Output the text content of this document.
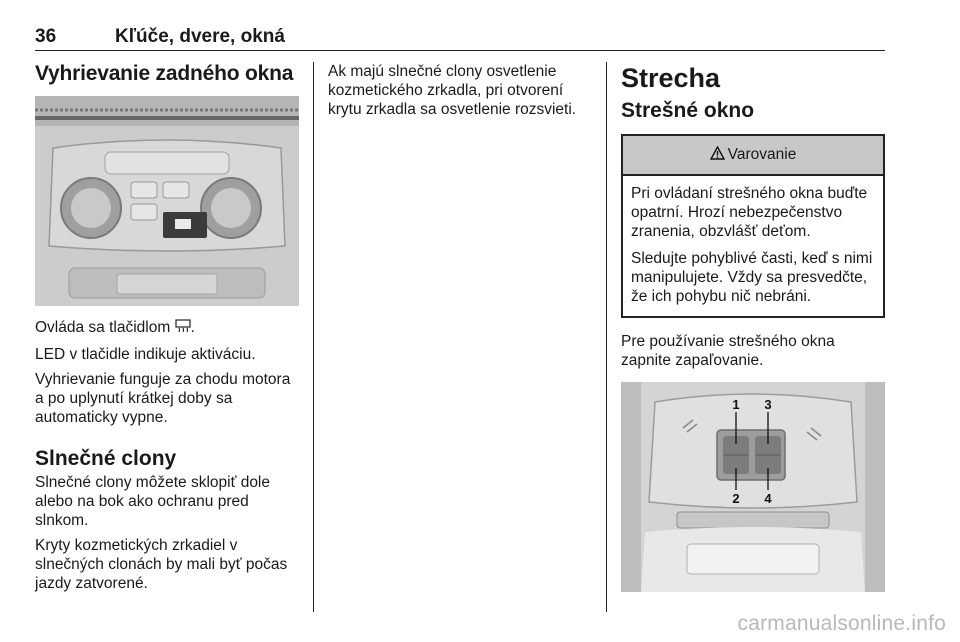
36	Kľúče, dvere, okná
Vyhrievanie zadného okna

Ovláda sa tlačidlom .

LED v tlačidle indikuje aktiváciu.

Vyhrievanie funguje za chodu motora a po uplynutí krátkej doby sa automaticky vypne.

Slnečné clony

Slnečné clony môžete sklopiť dole alebo na bok ako ochranu pred slnkom.

Kryty kozmetických zrkadiel v slnečných clonách by mali byť počas jazdy zatvorené.

Ak majú slnečné clony osvetlenie kozmetického zrkadla, pri otvorení krytu zrkadla sa osvetlenie rozsvieti.

Strecha
Strešné okno
Varovanie

Pri ovládaní strešného okna buďte opatrní. Hrozí nebezpečenstvo zranenia, obzvlášť deťom.

Sledujte pohyblivé časti, keď s nimi manipulujete. Vždy sa presvedčte, že ich pohybu nič nebráni.

Pre používanie strešného okna zapnite zapaľovanie.

1 3
2 4
carmanualsonline.info
